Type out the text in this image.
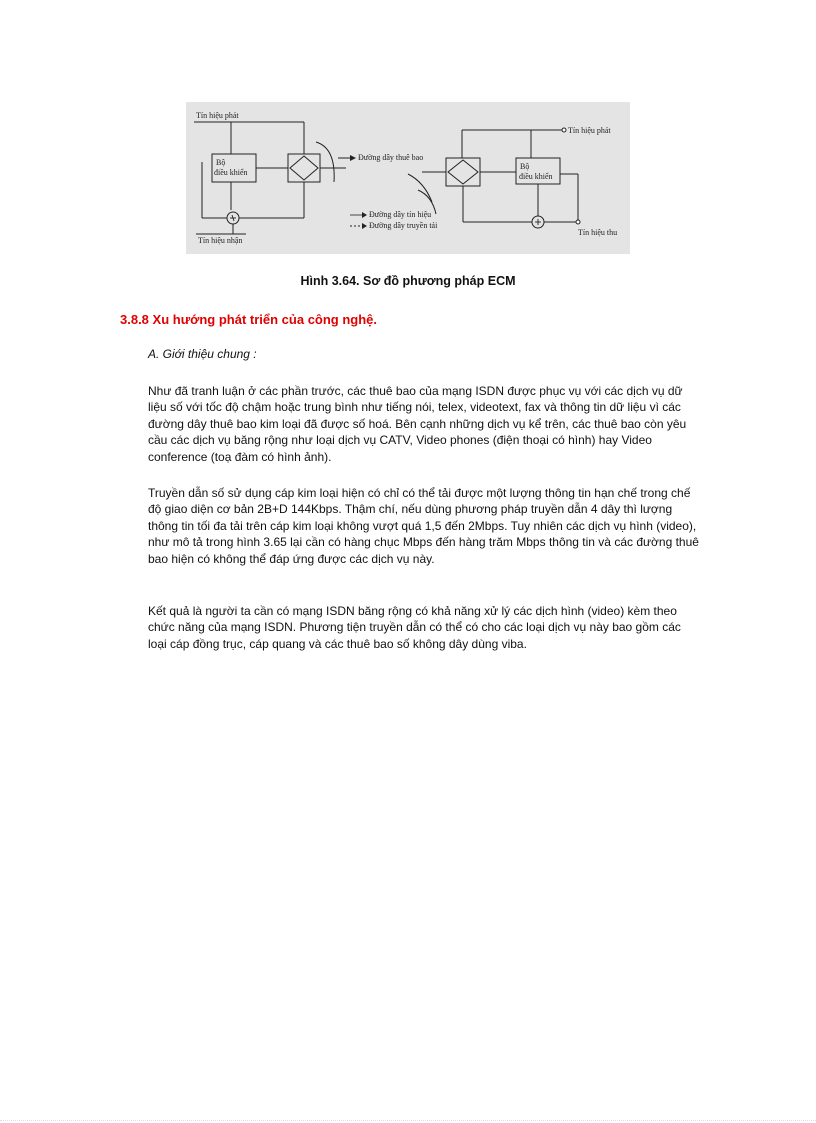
Tín hiệu phát
Tín hiệu nhận
Bộ
điều khiển
Đường dây thuê bao
Tín hiệu phát
Bộ
điều khiển
Tín hiệu thu
Đường dây tín hiệu
Đường dây truyền tải
Hình 3.64. Sơ đồ phương pháp ECM
3.8.8 Xu hướng phát triển của công nghệ.
A. Giới thiệu chung :

Như đã tranh luận ở các phần trước, các thuê bao của mạng ISDN được phục vụ với các dịch vụ dữ liệu số với tốc độ chậm hoặc trung bình như tiếng nói, telex, videotext, fax và thông tin dữ liệu vì các đường dây thuê bao kim loại đã được số hoá. Bên cạnh những dịch vụ kể trên, các thuê bao còn yêu cầu các dịch vụ băng rộng như loại dịch vụ CATV, Video phones (điện thoại có hình) hay Video conference (toạ đàm có hình ảnh).

Truyền dẫn số sử dụng cáp kim loại hiện có chỉ có thể tải được một lượng thông tin hạn chế trong chế độ giao diện cơ bản 2B+D 144Kbps. Thậm chí, nếu dùng phương pháp truyền dẫn 4 dây thì lượng thông tin tối đa tải trên cáp kim loại không vượt quá 1,5 đến 2Mbps. Tuy nhiên các dịch vụ hình (video), như mô tả trong hình 3.65 lại cần có hàng chục Mbps đến hàng trăm Mbps thông tin và các đường thuê bao hiện có không thể đáp ứng được các dịch vụ này.

Kết quả là người ta cần có mạng ISDN băng rộng có khả năng xử lý các dịch hình (video) kèm theo chức năng của mạng ISDN. Phương tiện truyền dẫn có thể có cho các loại dịch vụ này bao gồm các loại cáp đồng trục, cáp quang và các thuê bao số không dây dùng viba.
